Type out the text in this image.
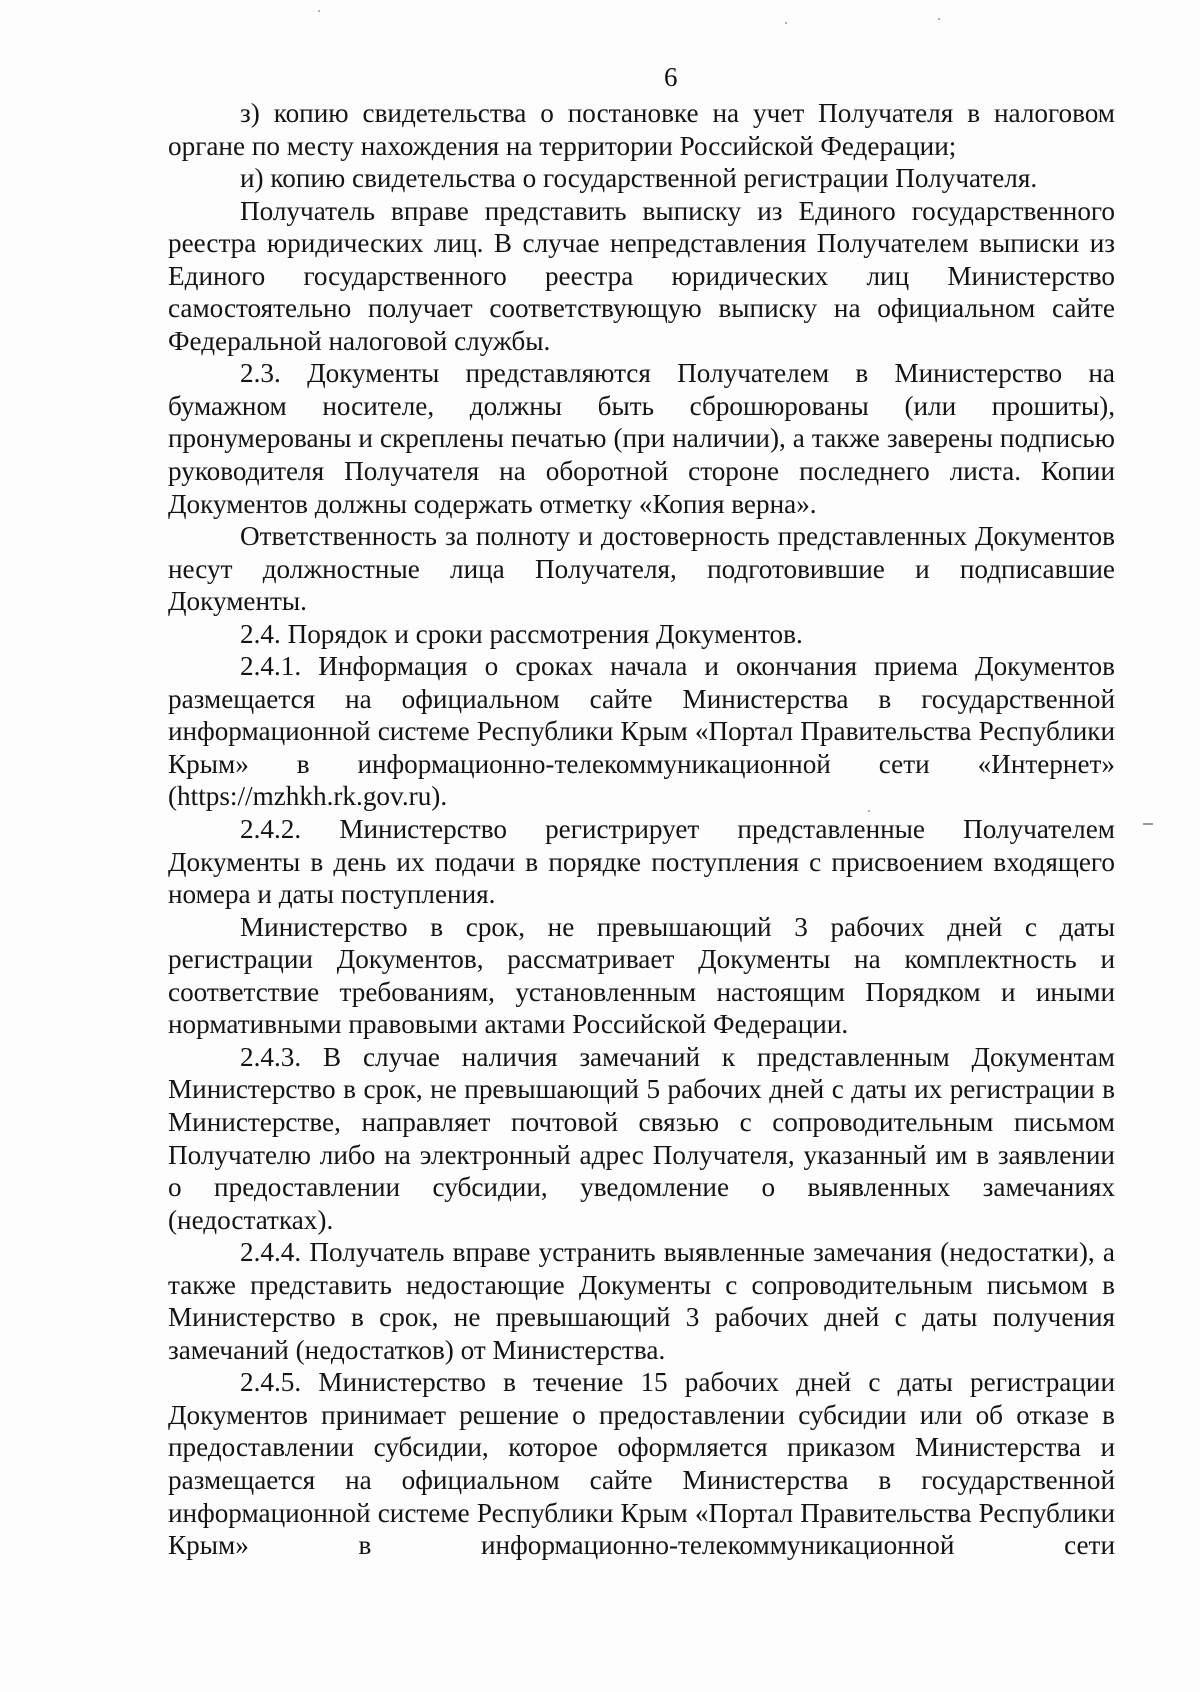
6

з) копию свидетельства о постановке на учет Получателя в налоговом органе по месту нахождения на территории Российской Федерации;

и) копию свидетельства о государственной регистрации Получателя.

Получатель вправе представить выписку из Единого государственного реестра юридических лиц. В случае непредставления Получателем выписки из Единого государственного реестра юридических лиц Министерство самостоятельно получает соответствующую выписку на официальном сайте Федеральной налоговой службы.

2.3. Документы представляются Получателем в Министерство на бумажном носителе, должны быть сброшюрованы (или прошиты), пронумерованы и скреплены печатью (при наличии), а также заверены подписью руководителя Получателя на оборотной стороне последнего листа. Копии Документов должны содержать отметку «Копия верна».

Ответственность за полноту и достоверность представленных Документов несут должностные лица Получателя, подготовившие и подписавшие Документы.

2.4. Порядок и сроки рассмотрения Документов.

2.4.1. Информация о сроках начала и окончания приема Документов размещается на официальном сайте Министерства в государственной информационной системе Республики Крым «Портал Правительства Республики Крым» в информационно-телекоммуникационной сети «Интернет» (https://mzhkh.rk.gov.ru).

2.4.2. Министерство регистрирует представленные Получателем Документы в день их подачи в порядке поступления с присвоением входящего номера и даты поступления.

Министерство в срок, не превышающий 3 рабочих дней с даты регистрации Документов, рассматривает Документы на комплектность и соответствие требованиям, установленным настоящим Порядком и иными нормативными правовыми актами Российской Федерации.

2.4.3. В случае наличия замечаний к представленным Документам Министерство в срок, не превышающий 5 рабочих дней с даты их регистрации в Министерстве, направляет почтовой связью с сопроводительным письмом Получателю либо на электронный адрес Получателя, указанный им в заявлении о предоставлении субсидии, уведомление о выявленных замечаниях (недостатках).

2.4.4. Получатель вправе устранить выявленные замечания (недостатки), а также представить недостающие Документы с сопроводительным письмом в Министерство в срок, не превышающий 3 рабочих дней с даты получения замечаний (недостатков) от Министерства.

2.4.5. Министерство в течение 15 рабочих дней с даты регистрации Документов принимает решение о предоставлении субсидии или об отказе в предоставлении субсидии, которое оформляется приказом Министерства и размещается на официальном сайте Министерства в государственной информационной системе Республики Крым «Портал Правительства Республики Крым» в информационно-телекоммуникационной сети
